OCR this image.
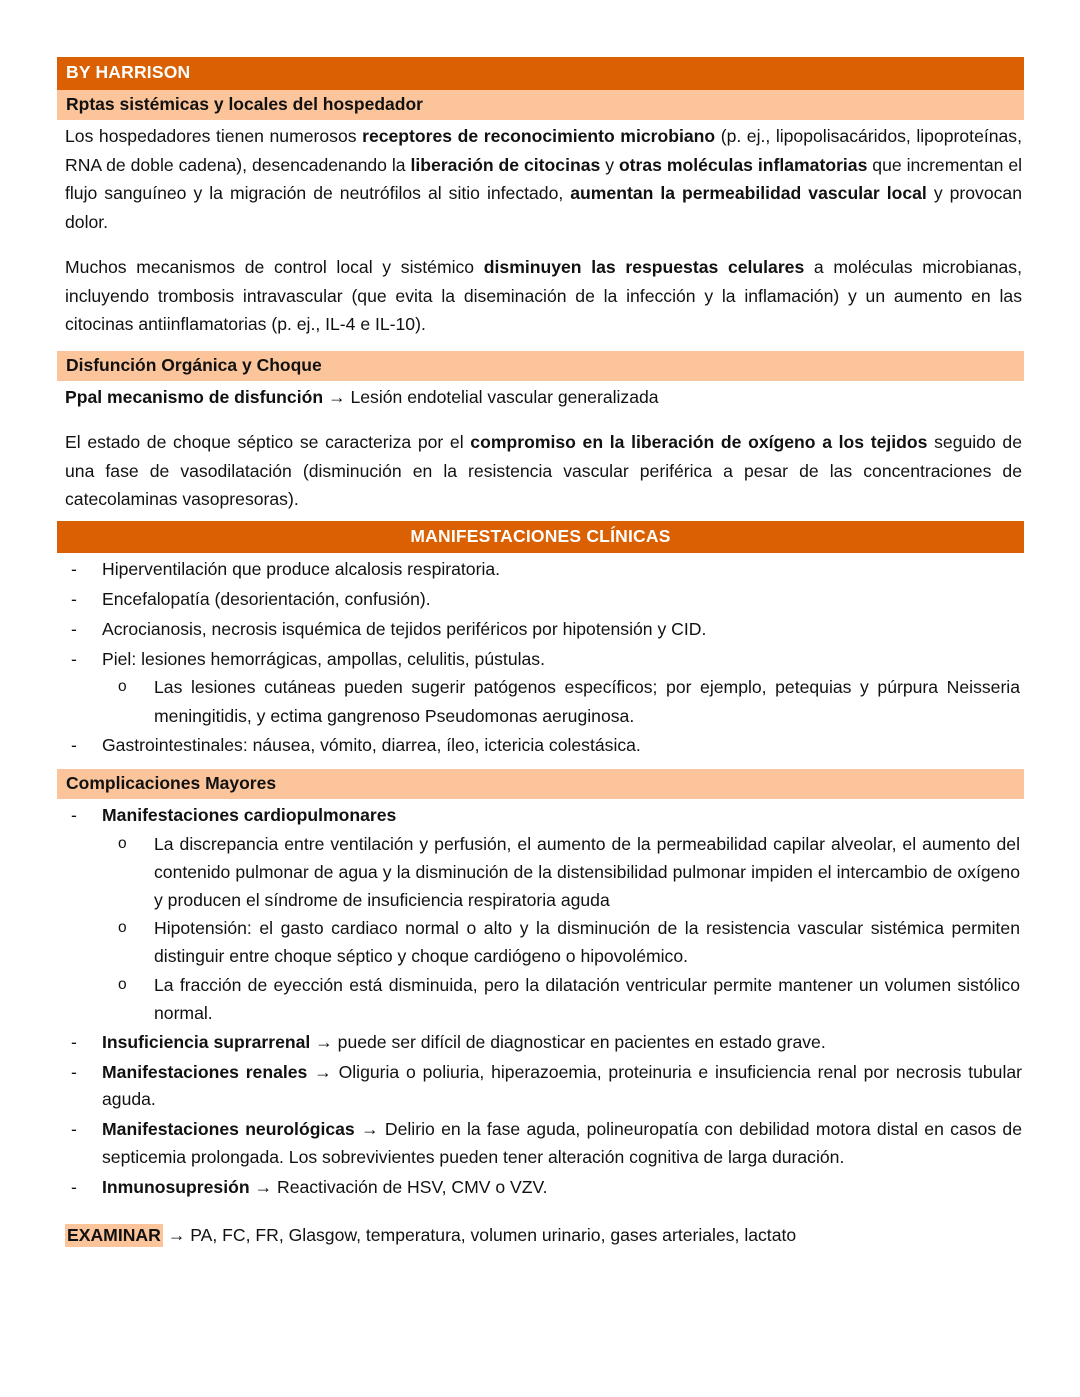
BY HARRISON
Rptas sistémicas y locales del hospedador

Los hospedadores tienen numerosos receptores de reconocimiento microbiano (p. ej., lipopolisacáridos, lipoproteínas, RNA de doble cadena), desencadenando la liberación de citocinas y otras moléculas inflamatorias que incrementan el flujo sanguíneo y la migración de neutrófilos al sitio infectado, aumentan la permeabilidad vascular local y provocan dolor.

Muchos mecanismos de control local y sistémico disminuyen las respuestas celulares a moléculas microbianas, incluyendo trombosis intravascular (que evita la diseminación de la infección y la inflamación) y un aumento en las citocinas antiinflamatorias (p. ej., IL-4 e IL-10).

Disfunción Orgánica y Choque

Ppal mecanismo de disfunción → Lesión endotelial vascular generalizada

El estado de choque séptico se caracteriza por el compromiso en la liberación de oxígeno a los tejidos seguido de una fase de vasodilatación (disminución en la resistencia vascular periférica a pesar de las concentraciones de catecolaminas vasopresoras).

MANIFESTACIONES CLÍNICAS
- Hiperventilación que produce alcalosis respiratoria.
- Encefalopatía (desorientación, confusión).
- Acrocianosis, necrosis isquémica de tejidos periféricos por hipotensión y CID.
- Piel: lesiones hemorrágicas, ampollas, celulitis, pústulas.
o Las lesiones cutáneas pueden sugerir patógenos específicos; por ejemplo, petequias y púrpura Neisseria meningitidis, y ectima gangrenoso Pseudomonas aeruginosa.
- Gastrointestinales: náusea, vómito, diarrea, íleo, ictericia colestásica.
Complicaciones Mayores
- Manifestaciones cardiopulmonares
o La discrepancia entre ventilación y perfusión, el aumento de la permeabilidad capilar alveolar, el aumento del contenido pulmonar de agua y la disminución de la distensibilidad pulmonar impiden el intercambio de oxígeno y producen el síndrome de insuficiencia respiratoria aguda
o Hipotensión: el gasto cardiaco normal o alto y la disminución de la resistencia vascular sistémica permiten distinguir entre choque séptico y choque cardiógeno o hipovolémico.
o La fracción de eyección está disminuida, pero la dilatación ventricular permite mantener un volumen sistólico normal.
- Insuficiencia suprarrenal → puede ser difícil de diagnosticar en pacientes en estado grave.
- Manifestaciones renales → Oliguria o poliuria, hiperazoemia, proteinuria e insuficiencia renal por necrosis tubular aguda.
- Manifestaciones neurológicas → Delirio en la fase aguda, polineuropatía con debilidad motora distal en casos de septicemia prolongada. Los sobrevivientes pueden tener alteración cognitiva de larga duración.
- Inmunosupresión → Reactivación de HSV, CMV o VZV.

EXAMINAR → PA, FC, FR, Glasgow, temperatura, volumen urinario, gases arteriales, lactato
